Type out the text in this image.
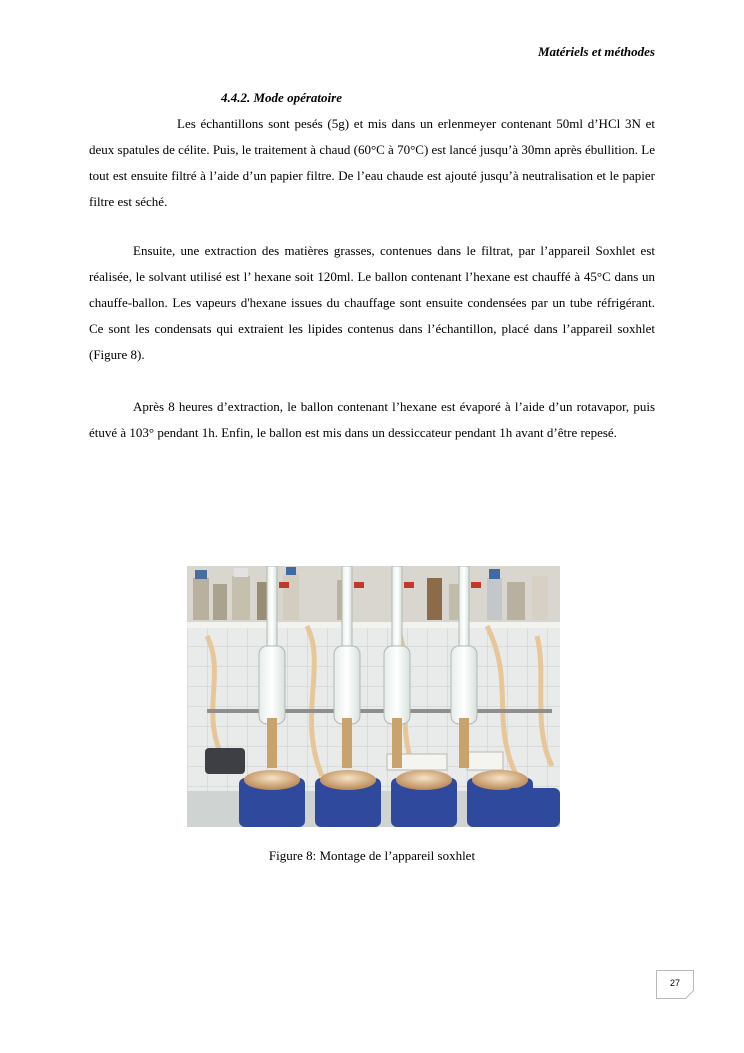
Matériels et méthodes
4.4.2. Mode opératoire

Les échantillons sont pesés (5g) et mis dans un erlenmeyer contenant 50ml d’HCl 3N et deux spatules de célite. Puis, le traitement à chaud (60°C à 70°C) est lancé jusqu’à 30mn après ébullition. Le tout est ensuite filtré à l’aide d’un papier filtre. De l’eau chaude est ajouté jusqu’à neutralisation et le papier filtre est séché.

Ensuite, une extraction des matières grasses, contenues dans le filtrat, par l’appareil Soxhlet est réalisée, le solvant utilisé est l’ hexane soit 120ml. Le ballon contenant l’hexane est chauffé à 45°C dans un chauffe-ballon. Les vapeurs d'hexane issues du chauffage sont ensuite condensées par un tube réfrigérant. Ce sont les condensats qui extraient les lipides contenus dans l’échantillon, placé dans l’appareil soxhlet (Figure 8).

Après 8 heures d’extraction, le ballon contenant l’hexane est évaporé à l’aide d’un rotavapor, puis étuvé à 103° pendant 1h. Enfin, le ballon est mis dans un dessiccateur pendant 1h avant d’être repesé.

Figure 8: Montage de l’appareil soxhlet
27
